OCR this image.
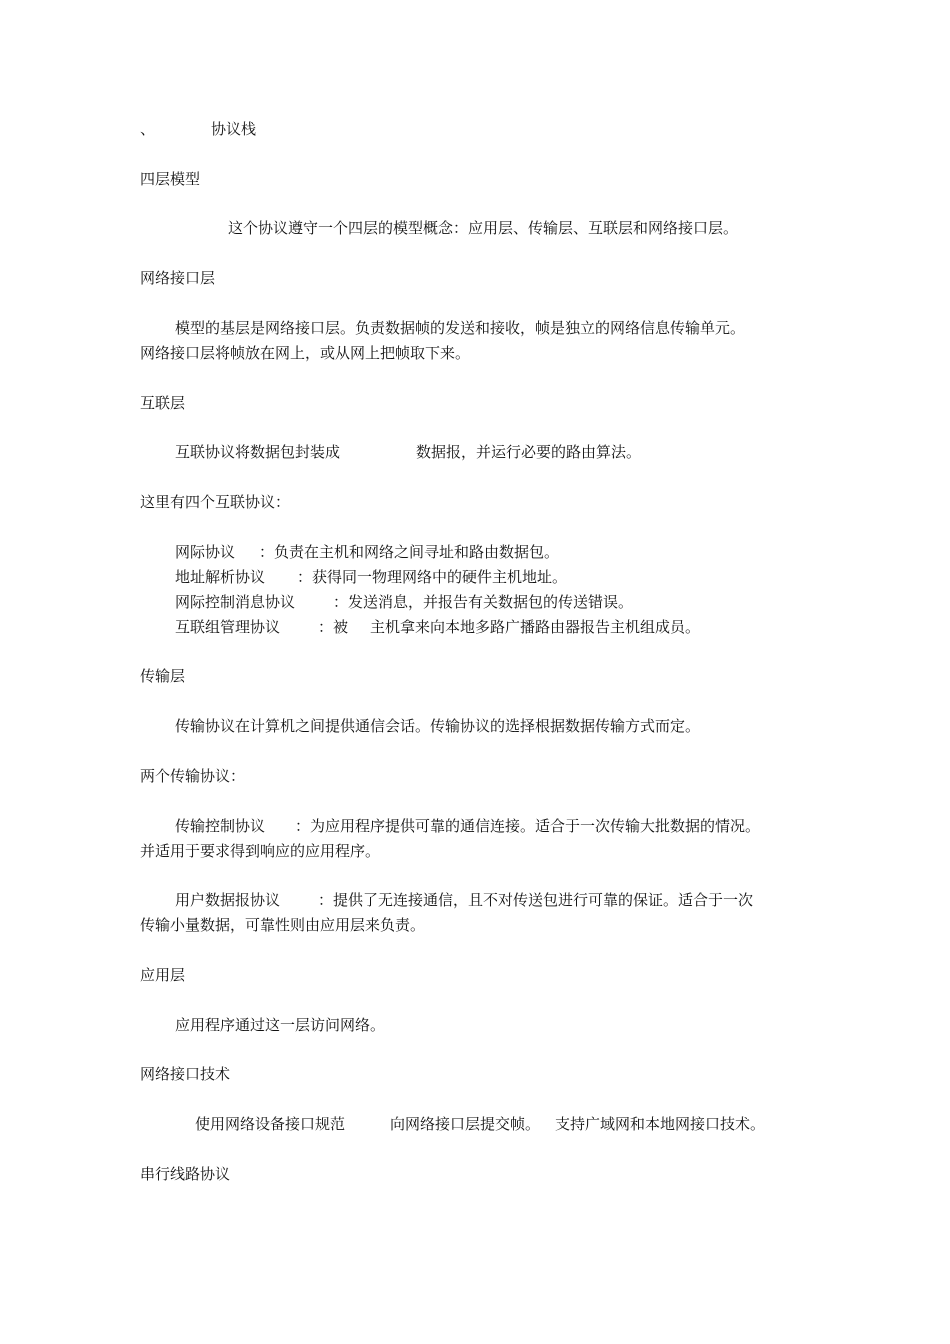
、	协议栈
四层模型
这个协议遵守一个四层的模型概念：应用层、传输层、互联层和网络接口层。
网络接口层
模型的基层是网络接口层。负责数据帧的发送和接收，帧是独立的网络信息传输单元。
网络接口层将帧放在网上，或从网上把帧取下来。
互联层
互联协议将数据包封装成	数据报，并运行必要的路由算法。
这里有四个互联协议：
网际协议 ：负责在主机和网络之间寻址和路由数据包。
地址解析协议 ：获得同一物理网络中的硬件主机地址。
网际控制消息协议	：发送消息，并报告有关数据包的传送错误。
互联组管理协议	：被 主机拿来向本地多路广播路由器报告主机组成员。
传输层
传输协议在计算机之间提供通信会话。传输协议的选择根据数据传输方式而定。
两个传输协议：
传输控制协议 ：为应用程序提供可靠的通信连接。适合于一次传输大批数据的情况。
并适用于要求得到响应的应用程序。
用户数据报协议	：提供了无连接通信，且不对传送包进行可靠的保证。适合于一次
传输小量数据，可靠性则由应用层来负责。
应用层
应用程序通过这一层访问网络。
网络接口技术
使用网络设备接口规范	向网络接口层提交帧。 支持广域网和本地网接口技术。
串行线路协议
